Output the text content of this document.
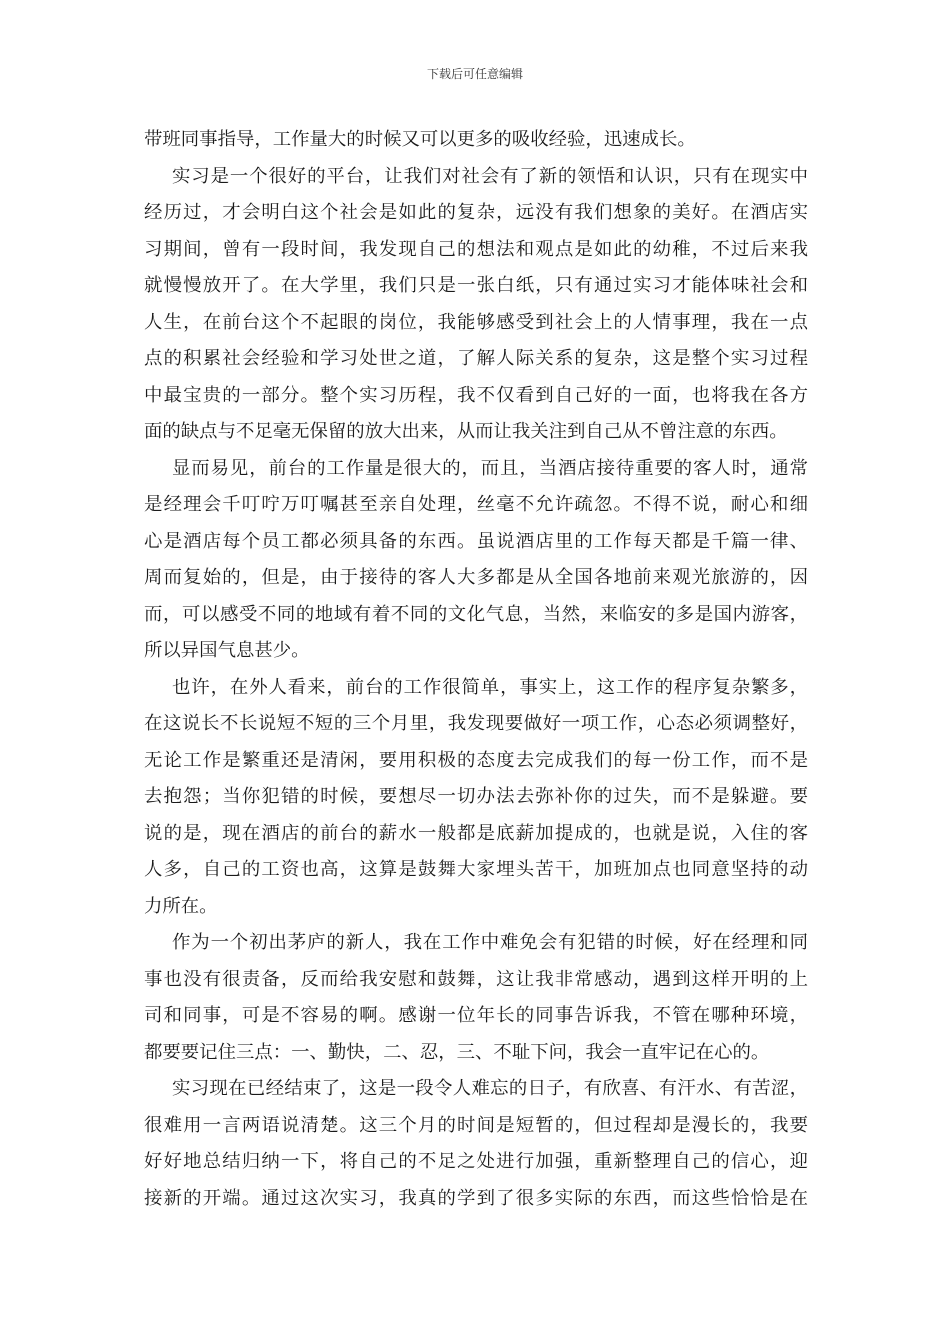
下载后可任意编辑
带班同事指导，工作量大的时候又可以更多的吸收经验，迅速成长。
实习是一个很好的平台，让我们对社会有了新的领悟和认识，只有在现实中
经历过，才会明白这个社会是如此的复杂，远没有我们想象的美好。在酒店实
习期间，曾有一段时间，我发现自己的想法和观点是如此的幼稚，不过后来我
就慢慢放开了。在大学里，我们只是一张白纸，只有通过实习才能体味社会和
人生，在前台这个不起眼的岗位，我能够感受到社会上的人情事理，我在一点
点的积累社会经验和学习处世之道，了解人际关系的复杂，这是整个实习过程
中最宝贵的一部分。整个实习历程，我不仅看到自己好的一面，也将我在各方
面的缺点与不足毫无保留的放大出来，从而让我关注到自己从不曾注意的东西。
显而易见，前台的工作量是很大的，而且，当酒店接待重要的客人时，通常
是经理会千叮咛万叮嘱甚至亲自处理，丝毫不允许疏忽。不得不说，耐心和细
心是酒店每个员工都必须具备的东西。虽说酒店里的工作每天都是千篇一律、
周而复始的，但是，由于接待的客人大多都是从全国各地前来观光旅游的，因
而，可以感受不同的地域有着不同的文化气息，当然，来临安的多是国内游客，
所以异国气息甚少。
也许，在外人看来，前台的工作很简单，事实上，这工作的程序复杂繁多，
在这说长不长说短不短的三个月里，我发现要做好一项工作，心态必须调整好，
无论工作是繁重还是清闲，要用积极的态度去完成我们的每一份工作，而不是
去抱怨；当你犯错的时候，要想尽一切办法去弥补你的过失，而不是躲避。要
说的是，现在酒店的前台的薪水一般都是底薪加提成的，也就是说，入住的客
人多，自己的工资也高，这算是鼓舞大家埋头苦干，加班加点也同意坚持的动
力所在。
作为一个初出茅庐的新人，我在工作中难免会有犯错的时候，好在经理和同
事也没有很责备，反而给我安慰和鼓舞，这让我非常感动，遇到这样开明的上
司和同事，可是不容易的啊。感谢一位年长的同事告诉我，不管在哪种环境，
都要要记住三点：一、勤快，二、忍，三、不耻下问，我会一直牢记在心的。
实习现在已经结束了，这是一段令人难忘的日子，有欣喜、有汗水、有苦涩，
很难用一言两语说清楚。这三个月的时间是短暂的，但过程却是漫长的，我要
好好地总结归纳一下，将自己的不足之处进行加强，重新整理自己的信心，迎
接新的开端。通过这次实习，我真的学到了很多实际的东西，而这些恰恰是在
